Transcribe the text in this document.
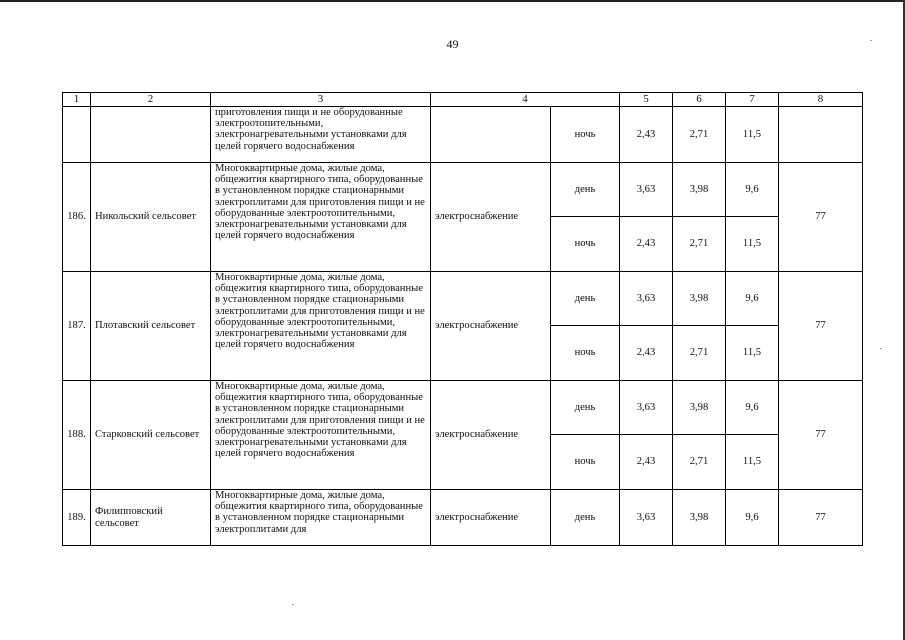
49
1	2	3	4		5	6	7	8
		приготовления пищи и не оборудованные электроотопительными, электронагревательными установками для целей горячего водоснабжения		ночь	2,43	2,71	11,5	
186.	Никольский сельсовет	Многоквартирные дома, жилые дома, общежития квартирного типа, оборудованные в установленном порядке стационарными электроплитами для приготовления пищи и не оборудованные электроотопительными, электронагревательными установками для целей горячего водоснабжения	электроснабжение	день	3,63	3,98	9,6	77
				ночь	2,43	2,71	11,5	
187.	Плотавский сельсовет	Многоквартирные дома, жилые дома, общежития квартирного типа, оборудованные в установленном порядке стационарными электроплитами для приготовления пищи и не оборудованные электроотопительными, электронагревательными установками для целей горячего водоснабжения	электроснабжение	день	3,63	3,98	9,6	77
				ночь	2,43	2,71	11,5	
188.	Старковский сельсовет	Многоквартирные дома, жилые дома, общежития квартирного типа, оборудованные в установленном порядке стационарными электроплитами для приготовления пищи и не оборудованные электроотопительными, электронагревательными установками для целей горячего водоснабжения	электроснабжение	день	3,63	3,98	9,6	77
				ночь	2,43	2,71	11,5	
189.	Филипповский сельсовет	Многоквартирные дома, жилые дома, общежития квартирного типа, оборудованные в установленном порядке стационарными электроплитами для	электроснабжение	день	3,63	3,98	9,6	77
